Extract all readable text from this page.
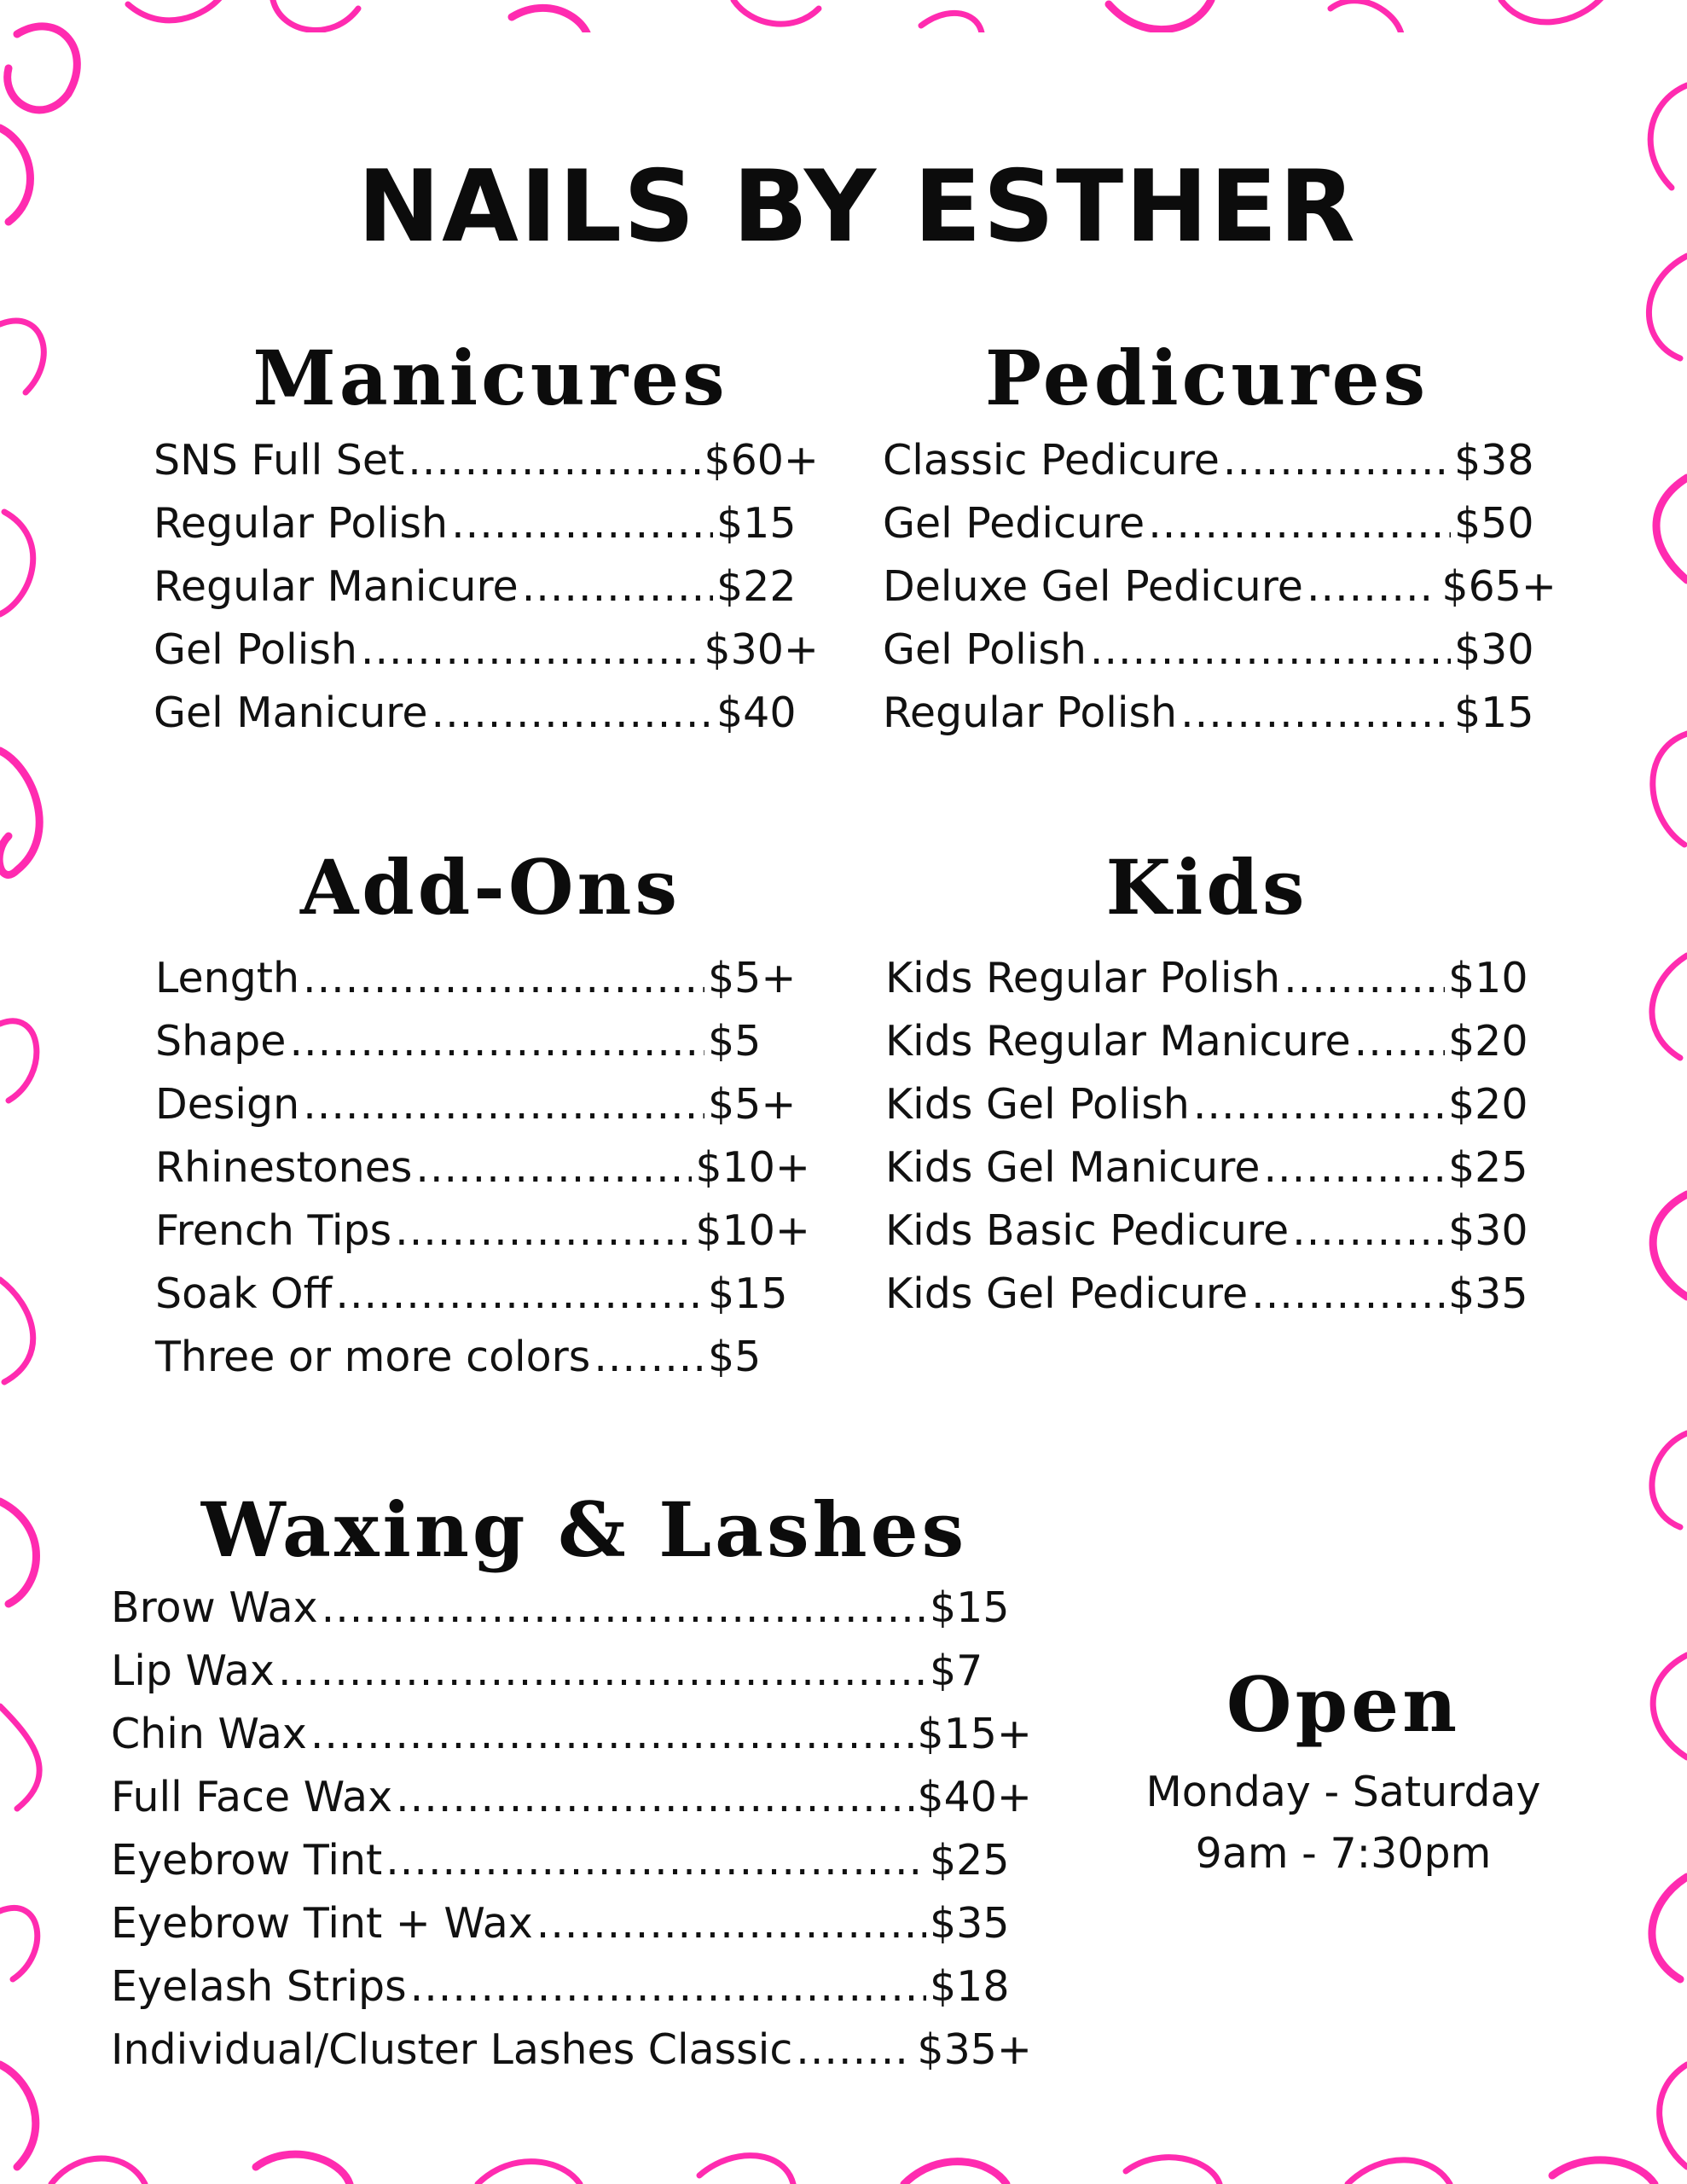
NAILS BY ESTHER
Manicures
SNS Full Set .....	$60+
Regular Polish .....	$15
Regular Manicure .....	$22
Gel Polish .....	$30+
Gel Manicure .....	$40
Pedicures
Classic Pedicure .....	$38
Gel Pedicure .....	$50
Deluxe Gel Pedicure .....	$65+
Gel Polish .....	$30
Regular Polish .....	$15
Add-Ons
Length .....	$5+
Shape .....	$5
Design .....	$5+
Rhinestones .....	$10+
French Tips .....	$10+
Soak Off .....	$15
Three or more colors .....	$5
Kids
Kids Regular Polish .....	$10
Kids Regular Manicure ..... $20
Kids Gel Polish .....	$20
Kids Gel Manicure .....	$25
Kids Basic Pedicure .....	$30
Kids Gel Pedicure .....	$35
Waxing & Lashes
Brow Wax .....	$15
Lip Wax .....	$7
Chin Wax .....	$15+
Full Face Wax .....	$40+
Eyebrow Tint .....	$25
Eyebrow Tint + Wax .....	$35
Eyelash Strips .....	$18
Individual/Cluster Lashes Classic .....	$35+
Open
Monday - Saturday
9am - 7:30pm
